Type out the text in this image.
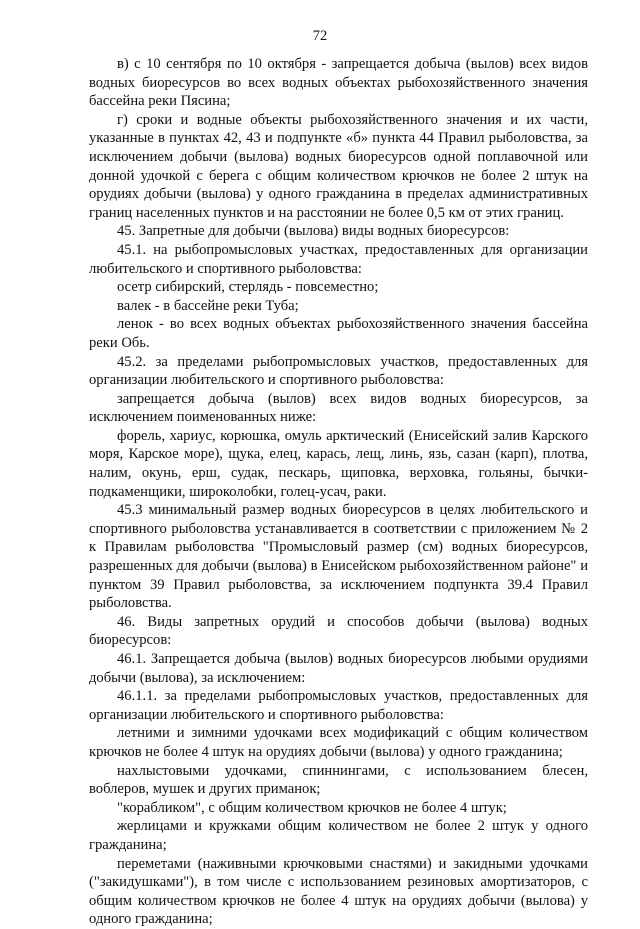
72

в) с 10 сентября по 10 октября - запрещается добыча (вылов) всех видов водных биоресурсов во всех водных объектах рыбохозяйственного значения бассейна реки Пясина;

г) сроки и водные объекты рыбохозяйственного значения и их части, указанные в пунктах 42, 43 и подпункте «б» пункта 44 Правил рыболовства, за исключением добычи (вылова) водных биоресурсов одной поплавочной или донной удочкой с берега с общим количеством крючков не более 2 штук на орудиях добычи (вылова) у одного гражданина в пределах административных границ населенных пунктов и на расстоянии не более 0,5 км от этих границ.

45. Запретные для добычи (вылова) виды водных биоресурсов:

45.1. на рыбопромысловых участках, предоставленных для организации любительского и спортивного рыболовства:

осетр сибирский, стерлядь - повсеместно;

валек - в бассейне реки Туба;

ленок - во всех водных объектах рыбохозяйственного значения бассейна реки Обь.

45.2. за пределами рыбопромысловых участков, предоставленных для организации любительского и спортивного рыболовства:

запрещается добыча (вылов) всех видов водных биоресурсов, за исключением поименованных ниже:

форель, хариус, корюшка, омуль арктический (Енисейский залив Карского моря, Карское море), щука, елец, карась, лещ, линь, язь, сазан (карп), плотва, налим, окунь, ерш, судак, пескарь, щиповка, верховка, гольяны, бычки-подкаменщики, широколобки, голец-усач, раки.

45.3 минимальный размер водных биоресурсов в целях любительского и спортивного рыболовства устанавливается в соответствии с приложением № 2 к Правилам рыболовства "Промысловый размер (см) водных биоресурсов, разрешенных для добычи (вылова) в Енисейском рыбохозяйственном районе" и пунктом 39 Правил рыболовства, за исключением подпункта 39.4 Правил рыболовства.

46. Виды запретных орудий и способов добычи (вылова) водных биоресурсов:

46.1. Запрещается добыча (вылов) водных биоресурсов любыми орудиями добычи (вылова), за исключением:

46.1.1. за пределами рыбопромысловых участков, предоставленных для организации любительского и спортивного рыболовства:

летними и зимними удочками всех модификаций с общим количеством крючков не более 4 штук на орудиях добычи (вылова) у одного гражданина;

нахлыстовыми удочками, спиннингами, с использованием блесен, воблеров, мушек и других приманок;

"корабликом", с общим количеством крючков не более 4 штук;

жерлицами и кружками общим количеством не более 2 штук у одного гражданина;

переметами (наживными крючковыми снастями) и закидными удочками ("закидушками"), в том числе с использованием резиновых амортизаторов, с общим количеством крючков не более 4 штук на орудиях добычи (вылова) у одного гражданина;
